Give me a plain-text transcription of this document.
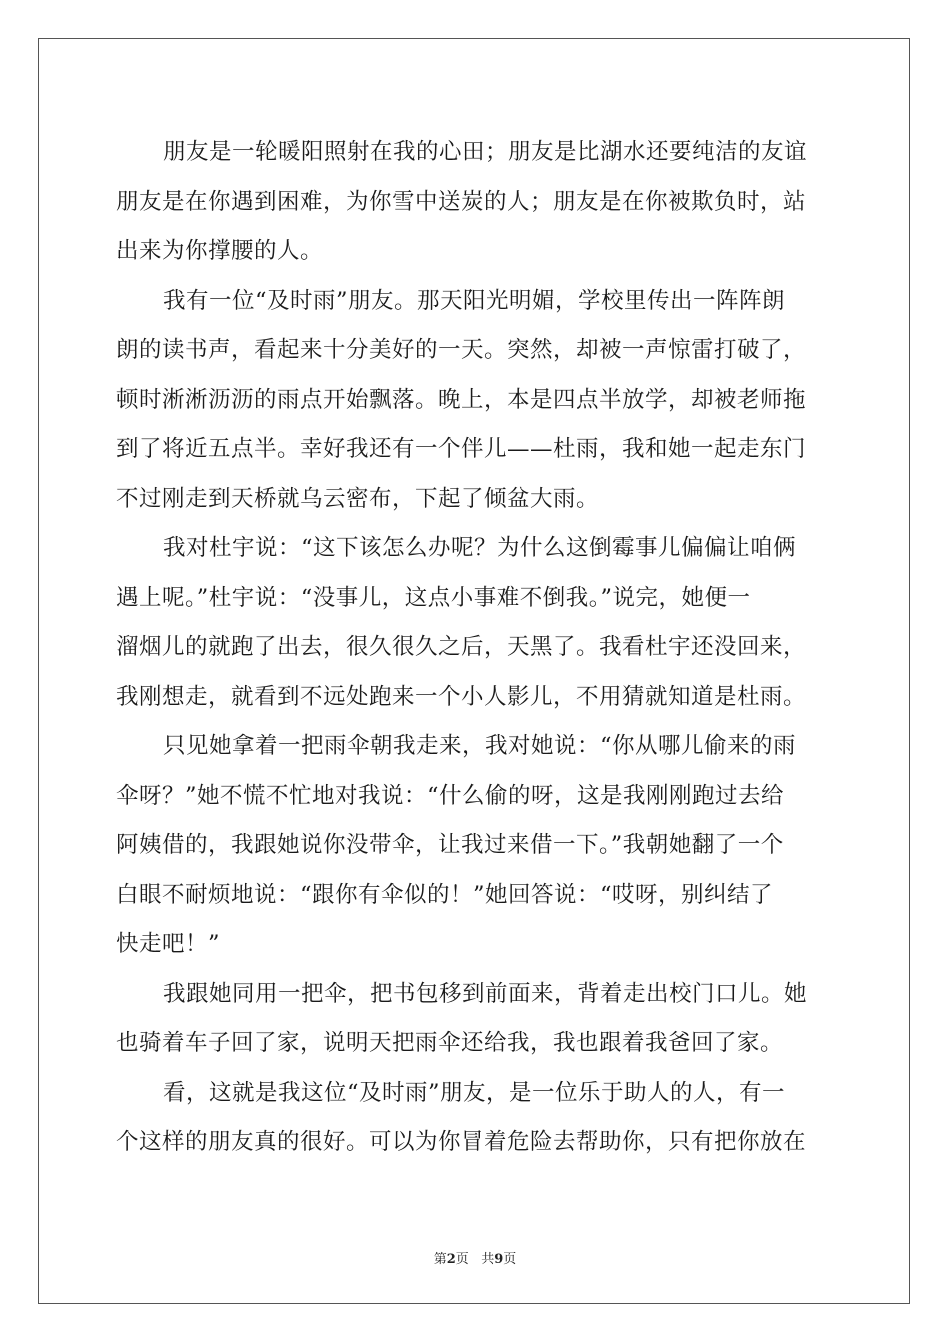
朋友是一轮暖阳照射在我的心田；朋友是比湖水还要纯洁的友谊
朋友是在你遇到困难，为你雪中送炭的人；朋友是在你被欺负时，站
出来为你撑腰的人。
我有一位“及时雨”朋友。那天阳光明媚，学校里传出一阵阵朗
朗的读书声，看起来十分美好的一天。突然，却被一声惊雷打破了，
顿时淅淅沥沥的雨点开始飘落。晚上，本是四点半放学，却被老师拖
到了将近五点半。幸好我还有一个伴儿——杜雨，我和她一起走东门
不过刚走到天桥就乌云密布，下起了倾盆大雨。
我对杜宇说：“这下该怎么办呢？为什么这倒霉事儿偏偏让咱俩
遇上呢。”杜宇说：“没事儿，这点小事难不倒我。”说完，她便一
溜烟儿的就跑了出去，很久很久之后，天黑了。我看杜宇还没回来，
我刚想走，就看到不远处跑来一个小人影儿，不用猜就知道是杜雨。
只见她拿着一把雨伞朝我走来，我对她说：“你从哪儿偷来的雨
伞呀？”她不慌不忙地对我说：“什么偷的呀，这是我刚刚跑过去给
阿姨借的，我跟她说你没带伞，让我过来借一下。”我朝她翻了一个
白眼不耐烦地说：“跟你有伞似的！”她回答说：“哎呀，别纠结了
快走吧！”
我跟她同用一把伞，把书包移到前面来，背着走出校门口儿。她
也骑着车子回了家，说明天把雨伞还给我，我也跟着我爸回了家。
看，这就是我这位“及时雨”朋友，是一位乐于助人的人，有一
个这样的朋友真的很好。可以为你冒着危险去帮助你，只有把你放在
第2页 共9页
